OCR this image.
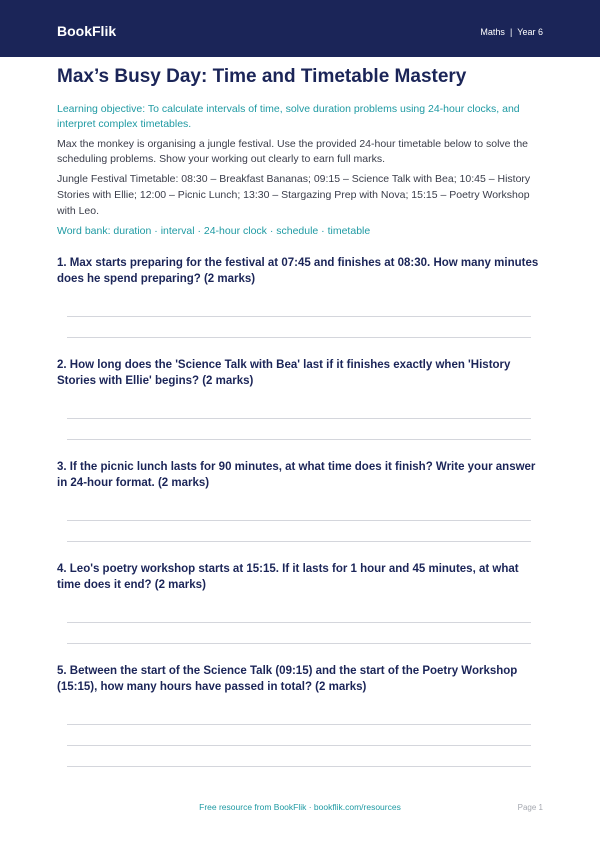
BookFlik	Maths | Year 6
Max’s Busy Day: Time and Timetable Mastery

Learning objective: To calculate intervals of time, solve duration problems using 24-hour clocks, and interpret complex timetables.

Max the monkey is organising a jungle festival. Use the provided 24-hour timetable below to solve the scheduling problems. Show your working out clearly to earn full marks.

Jungle Festival Timetable: 08:30 – Breakfast Bananas; 09:15 – Science Talk with Bea; 10:45 – History Stories with Ellie; 12:00 – Picnic Lunch; 13:30 – Stargazing Prep with Nova; 15:15 – Poetry Workshop with Leo.

Word bank: duration · interval · 24-hour clock · schedule · timetable

1. Max starts preparing for the festival at 07:45 and finishes at 08:30. How many minutes does he spend preparing? (2 marks)

2. How long does the 'Science Talk with Bea' last if it finishes exactly when 'History Stories with Ellie' begins? (2 marks)

3. If the picnic lunch lasts for 90 minutes, at what time does it finish? Write your answer in 24-hour format. (2 marks)

4. Leo's poetry workshop starts at 15:15. If it lasts for 1 hour and 45 minutes, at what time does it end? (2 marks)

5. Between the start of the Science Talk (09:15) and the start of the Poetry Workshop (15:15), how many hours have passed in total? (2 marks)

Free resource from BookFlik · bookflik.com/resources	Page 1
